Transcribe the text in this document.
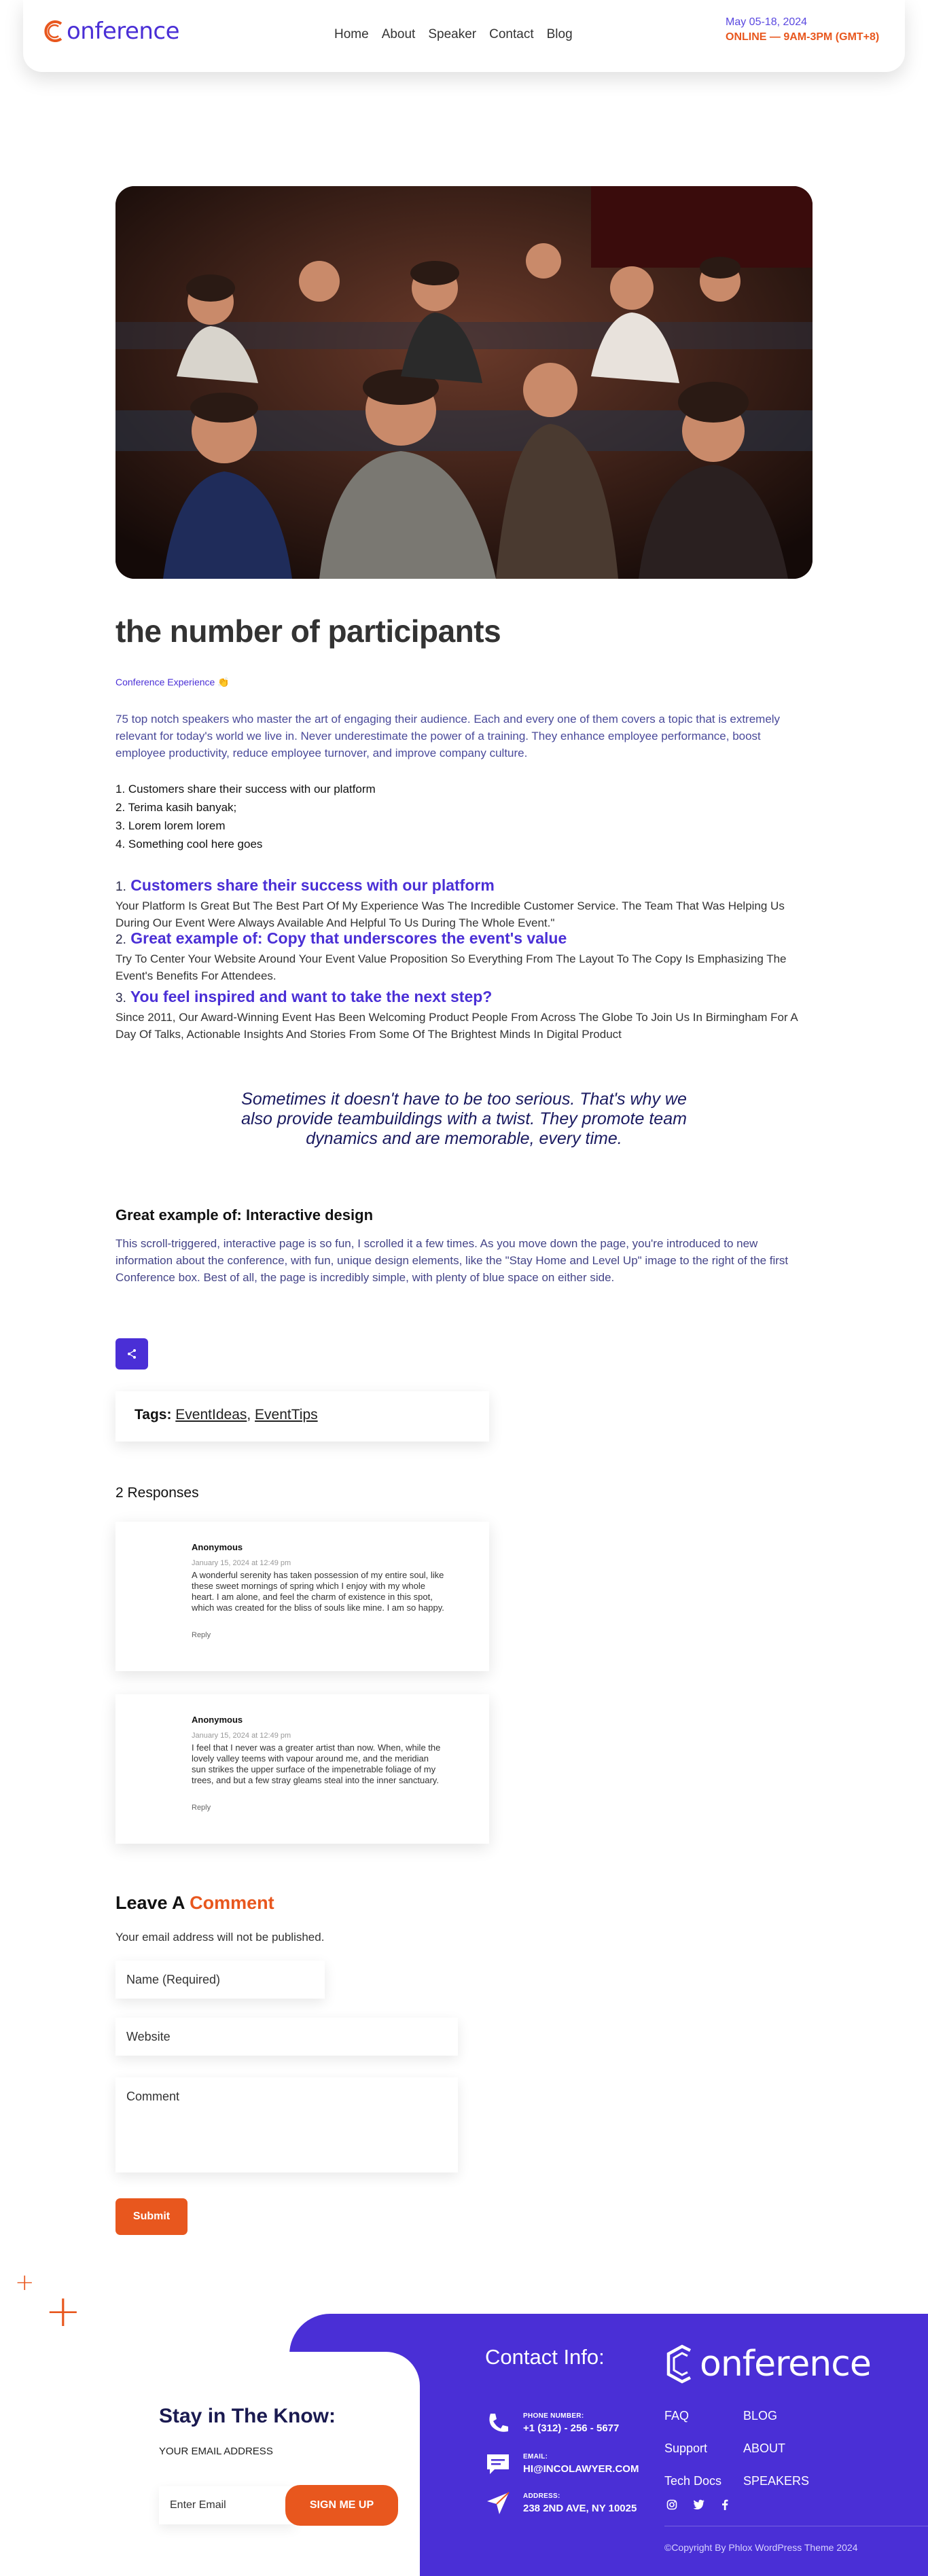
onference	Home About Speaker Contact Blog
May 05-18, 2024
ONLINE — 9AM-3PM (GMT+8)
the number of participants
Conference Experience 👏

75 top notch speakers who master the art of engaging their audience. Each and every one of them covers a topic that is extremely relevant for today's world we live in. Never underestimate the power of a training. They enhance employee performance, boost employee productivity, reduce employee turnover, and improve company culture.

1. Customers share their success with our platform
2. Terima kasih banyak;
3. Lorem lorem lorem
4. Something cool here goes
1. Customers share their success with our platform
Your Platform Is Great But The Best Part Of My Experience Was The Incredible Customer Service. The Team That Was Helping Us During Our Event Were Always Available And Helpful To Us During The Whole Event."
2. Great example of: Copy that underscores the event's value
Try To Center Your Website Around Your Event Value Proposition So Everything From The Layout To The Copy Is Emphasizing The Event's Benefits For Attendees.
3. You feel inspired and want to take the next step?
Since 2011, Our Award-Winning Event Has Been Welcoming Product People From Across The Globe To Join Us In Birmingham For A Day Of Talks, Actionable Insights And Stories From Some Of The Brightest Minds In Digital Product
Sometimes it doesn't have to be too serious. That's why we also provide teambuildings with a twist. They promote team dynamics and are memorable, every time.
Great example of: Interactive design

This scroll-triggered, interactive page is so fun, I scrolled it a few times. As you move down the page, you're introduced to new information about the conference, with fun, unique design elements, like the "Stay Home and Level Up" image to the right of the first Conference box. Best of all, the page is incredibly simple, with plenty of blue space on either side.

Tags: EventIdeas, EventTips
2 Responses
Anonymous
January 15, 2024 at 12:49 pm
A wonderful serenity has taken possession of my entire soul, like these sweet mornings of spring which I enjoy with my whole heart. I am alone, and feel the charm of existence in this spot, which was created for the bliss of souls like mine. I am so happy.
Reply
Anonymous
January 15, 2024 at 12:49 pm
I feel that I never was a greater artist than now. When, while the lovely valley teems with vapour around me, and the meridian sun strikes the upper surface of the impenetrable foliage of my trees, and but a few stray gleams steal into the inner sanctuary.
Reply
Leave A Comment
Your email address will not be published.
Name (Required)
Website
Comment
Submit
+
+
Stay in The Know:
YOUR EMAIL ADDRESS
Enter Email
SIGN ME UP
Contact Info:
PHONE NUMBER:
+1 (312) - 256 - 5677
EMAIL:
HI@INCOLAWYER.COM
ADDRESS:
238 2ND AVE, NY 10025
onference
FAQ	BLOG
Support	ABOUT
Tech Docs SPEAKERS
©Copyright By Phlox WordPress Theme 2024
